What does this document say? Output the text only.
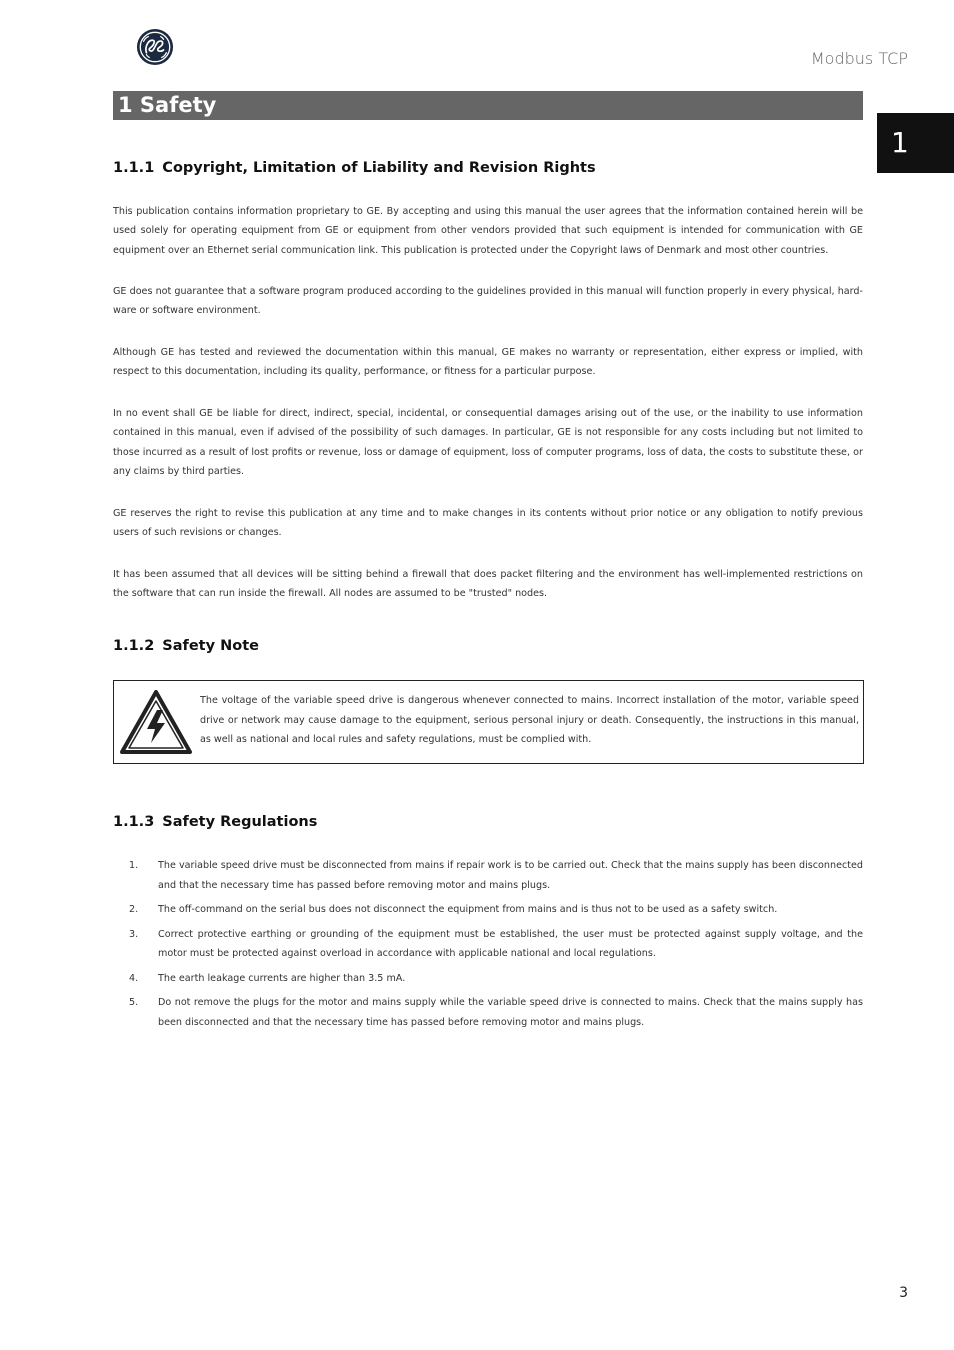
Modbus TCP
1 Safety
1
1.1.1 Copyright, Limitation of Liability and Revision Rights
This publication contains information proprietary to GE. By accepting and using this manual the user agrees that the information contained herein will be used solely for operating equipment from GE or equipment from other vendors provided that such equipment is intended for communication with GE equipment over an Ethernet serial communication link. This publication is protected under the Copyright laws of Denmark and most other countries.
GE does not guarantee that a software program produced according to the guidelines provided in this manual will function properly in every physical, hard-ware or software environment.
Although GE has tested and reviewed the documentation within this manual, GE makes no warranty or representation, either express or implied, with respect to this documentation, including its quality, performance, or fitness for a particular purpose.
In no event shall GE be liable for direct, indirect, special, incidental, or consequential damages arising out of the use, or the inability to use information contained in this manual, even if advised of the possibility of such damages. In particular, GE is not responsible for any costs including but not limited to those incurred as a result of lost profits or revenue, loss or damage of equipment, loss of computer programs, loss of data, the costs to substitute these, or any claims by third parties.
GE reserves the right to revise this publication at any time and to make changes in its contents without prior notice or any obligation to notify previous users of such revisions or changes.
It has been assumed that all devices will be sitting behind a firewall that does packet filtering and the environment has well-implemented restrictions on the software that can run inside the firewall. All nodes are assumed to be "trusted" nodes.
1.1.2 Safety Note
The voltage of the variable speed drive is dangerous whenever connected to mains. Incorrect installation of the motor, variable speed drive or network may cause damage to the equipment, serious personal injury or death. Consequently, the instructions in this manual, as well as national and local rules and safety regulations, must be complied with.
1.1.3 Safety Regulations
1. The variable speed drive must be disconnected from mains if repair work is to be carried out. Check that the mains supply has been disconnected and that the necessary time has passed before removing motor and mains plugs.
2. The off-command on the serial bus does not disconnect the equipment from mains and is thus not to be used as a safety switch.
3. Correct protective earthing or grounding of the equipment must be established, the user must be protected against supply voltage, and the motor must be protected against overload in accordance with applicable national and local regulations.
4. The earth leakage currents are higher than 3.5 mA.
5. Do not remove the plugs for the motor and mains supply while the variable speed drive is connected to mains. Check that the mains supply has been disconnected and that the necessary time has passed before removing motor and mains plugs.
3
